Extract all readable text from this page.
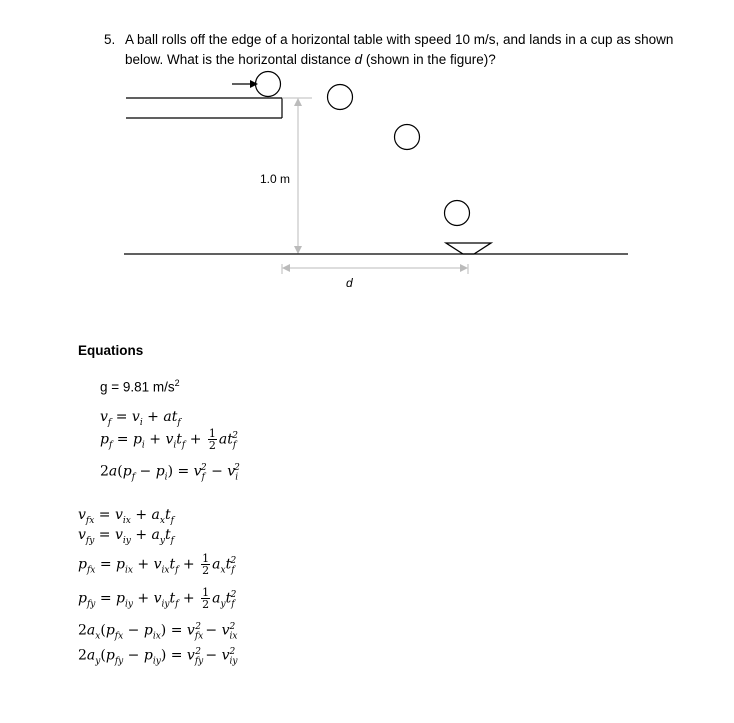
5. A ball rolls off the edge of a horizontal table with speed 10 m/s, and lands in a cup as shown
below. What is the horizontal distance d (shown in the figure)?
1.0 m
d
Equations
g = 9.81 $m/s^2$
$v_f = v_i + at_f$
$p_f = p_i + v_it_f + \frac{1}{2} at_f^2$
$2a(p_f - p_i) = v_f^2 - v_i^2$
$v_{fx} = v_{ix} + a_xt_f$
$v_{fy} = v_{iy} + a_yt_f$
$p_{fx} = p_{ix} + v_{ix}t_f + \frac{1}{2} a_xt_f^2$
$p_{fy} = p_{iy} + v_{iy}t_f + \frac{1}{2} a_yt_f^2$
$2a_x(p_{fx} - p_{ix}) = v_{fx}^2 - v_{ix}^2$
$2a_y(p_{fy} - p_{iy}) = v_{fy}^2 - v_{iy}^2$
